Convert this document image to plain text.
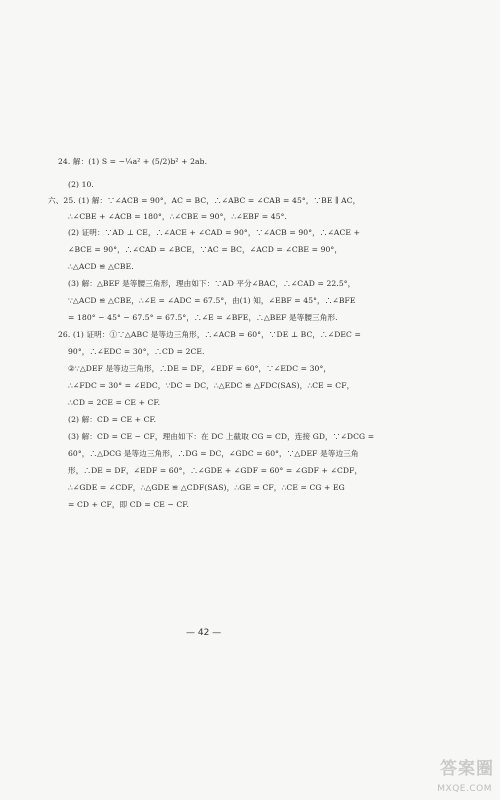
24. 解：(1) S = −¼a² + (5/2)b² + 2ab.
(2) 10.
六、25. (1) 解：∵∠ACB = 90°，AC = BC，∴∠ABC = ∠CAB = 45°，∵BE ∥ AC，
∴∠CBE + ∠ACB = 180°，∴∠CBE = 90°，∴∠EBF = 45°.
(2) 证明：∵AD ⊥ CE，∴∠ACE + ∠CAD = 90°，∵∠ACB = 90°，∴∠ACE +
∠BCE = 90°，∴∠CAD = ∠BCE，∵AC = BC，∠ACD = ∠CBE = 90°，
∴△ACD ≌ △CBE.
(3) 解：△BEF 是等腰三角形，理由如下：∵AD 平分∠BAC，∴∠CAD = 22.5°，
∵△ACD ≌ △CBE，∴∠E = ∠ADC = 67.5°，由(1) 知，∠EBF = 45°，∴∠BFE
= 180° − 45° − 67.5° = 67.5°，∴∠E = ∠BFE，∴△BEF 是等腰三角形.
26. (1) 证明：①∵△ABC 是等边三角形，∴∠ACB = 60°，∵DE ⊥ BC，∴∠DEC =
90°，∴∠EDC = 30°，∴CD = 2CE.
②∵△DEF 是等边三角形，∴DE = DF，∠EDF = 60°，∵∠EDC = 30°，
∴∠FDC = 30° = ∠EDC，∵DC = DC，∴△EDC ≌ △FDC(SAS)，∴CE = CF，
∴CD = 2CE = CE + CF.
(2) 解：CD = CE + CF.
(3) 解：CD = CE − CF，理由如下：在 DC 上截取 CG = CD，连接 GD，∵∠DCG =
60°，∴△DCG 是等边三角形，∴DG = DC，∠GDC = 60°，∵△DEF 是等边三角
形，∴DE = DF，∠EDF = 60°，∴∠GDE + ∠GDF = 60° = ∠GDF + ∠CDF，
∴∠GDE = ∠CDF，∴△GDE ≌ △CDF(SAS)，∴GE = CF，∴CE = CG + EG
= CD + CF，即 CD = CE − CF.
— 42 —
答案圈
MXQE.COM
